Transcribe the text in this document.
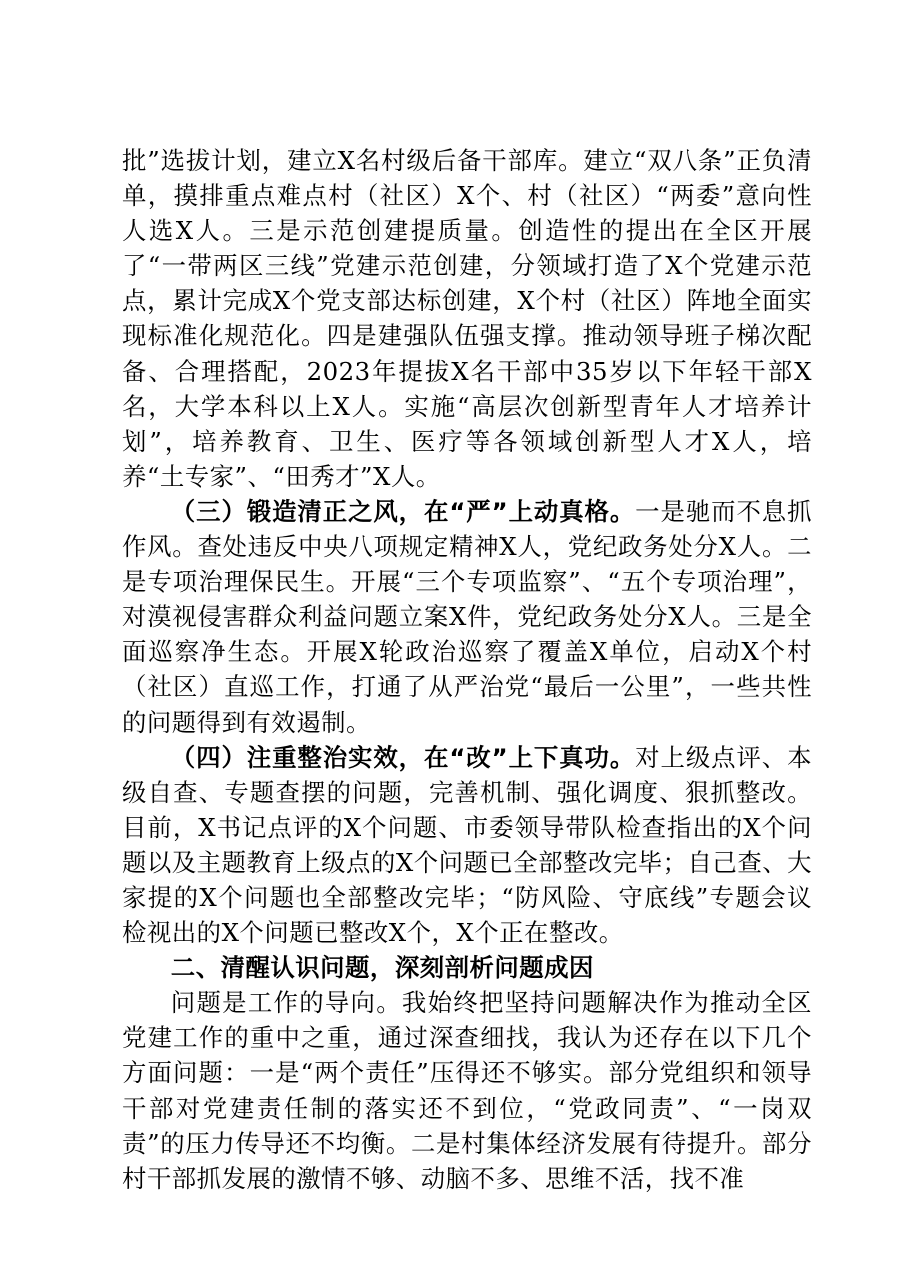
批”选拔计划，建立X名村级后备干部库。建立“双八条”正负清单，摸排重点难点村（社区）X个、村（社区）“两委”意向性人选X人。三是示范创建提质量。创造性的提出在全区开展了“一带两区三线”党建示范创建，分领域打造了X个党建示范点，累计完成X个党支部达标创建，X个村（社区）阵地全面实现标准化规范化。四是建强队伍强支撑。推动领导班子梯次配备、合理搭配，2023年提拔X名干部中35岁以下年轻干部X名，大学本科以上X人。实施“高层次创新型青年人才培养计划”，培养教育、卫生、医疗等各领域创新型人才X人，培养“土专家”、“田秀才”X人。

（三）锻造清正之风，在“严”上动真格。一是驰而不息抓作风。查处违反中央八项规定精神X人，党纪政务处分X人。二是专项治理保民生。开展“三个专项监察”、“五个专项治理”，对漠视侵害群众利益问题立案X件，党纪政务处分X人。三是全面巡察净生态。开展X轮政治巡察了覆盖X单位，启动X个村（社区）直巡工作，打通了从严治党“最后一公里”，一些共性的问题得到有效遏制。

（四）注重整治实效，在“改”上下真功。对上级点评、本级自查、专题查摆的问题，完善机制、强化调度、狠抓整改。目前，X书记点评的X个问题、市委领导带队检查指出的X个问题以及主题教育上级点的X个问题已全部整改完毕；自己查、大家提的X个问题也全部整改完毕；“防风险、守底线”专题会议检视出的X个问题已整改X个，X个正在整改。

二、清醒认识问题，深刻剖析问题成因

问题是工作的导向。我始终把坚持问题解决作为推动全区党建工作的重中之重，通过深查细找，我认为还存在以下几个方面问题：一是“两个责任”压得还不够实。部分党组织和领导干部对党建责任制的落实还不到位，“党政同责”、“一岗双责”的压力传导还不均衡。二是村集体经济发展有待提升。部分村干部抓发展的激情不够、动脑不多、思维不活，找不准
